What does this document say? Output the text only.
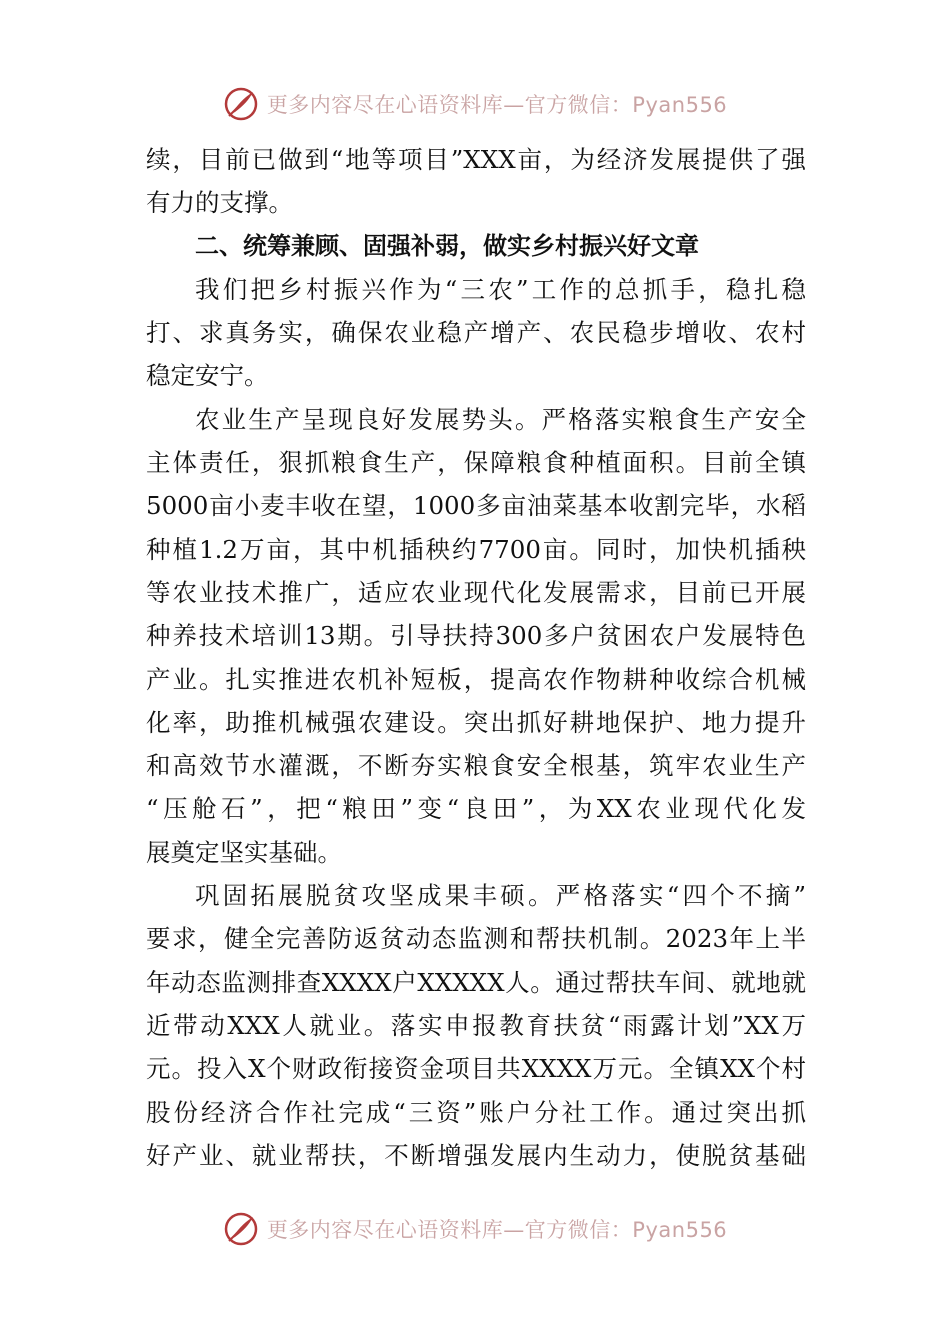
更多内容尽在心语资料库—官方微信：Pyan556
续，目前已做到“地等项目”XXX亩，为经济发展提供了强
有力的支撑。
二、统筹兼顾、固强补弱，做实乡村振兴好文章
我们把乡村振兴作为“三农”工作的总抓手，稳扎稳
打、求真务实，确保农业稳产增产、农民稳步增收、农村
稳定安宁。
农业生产呈现良好发展势头。严格落实粮食生产安全
主体责任，狠抓粮食生产，保障粮食种植面积。目前全镇
5000亩小麦丰收在望，1000多亩油菜基本收割完毕，水稻
种植1.2万亩，其中机插秧约7700亩。同时，加快机插秧
等农业技术推广，适应农业现代化发展需求，目前已开展
种养技术培训13期。引导扶持300多户贫困农户发展特色
产业。扎实推进农机补短板，提高农作物耕种收综合机械
化率，助推机械强农建设。突出抓好耕地保护、地力提升
和高效节水灌溉，不断夯实粮食安全根基，筑牢农业生产
“压舱石”，把“粮田”变“良田”，为XX农业现代化发
展奠定坚实基础。
巩固拓展脱贫攻坚成果丰硕。严格落实“四个不摘”
要求，健全完善防返贫动态监测和帮扶机制。2023年上半
年动态监测排查XXXX户XXXXX人。通过帮扶车间、就地就
近带动XXX人就业。落实申报教育扶贫“雨露计划”XX万
元。投入X个财政衔接资金项目共XXXX万元。全镇XX个村
股份经济合作社完成“三资”账户分社工作。通过突出抓
好产业、就业帮扶，不断增强发展内生动力，使脱贫基础
更多内容尽在心语资料库—官方微信：Pyan556
